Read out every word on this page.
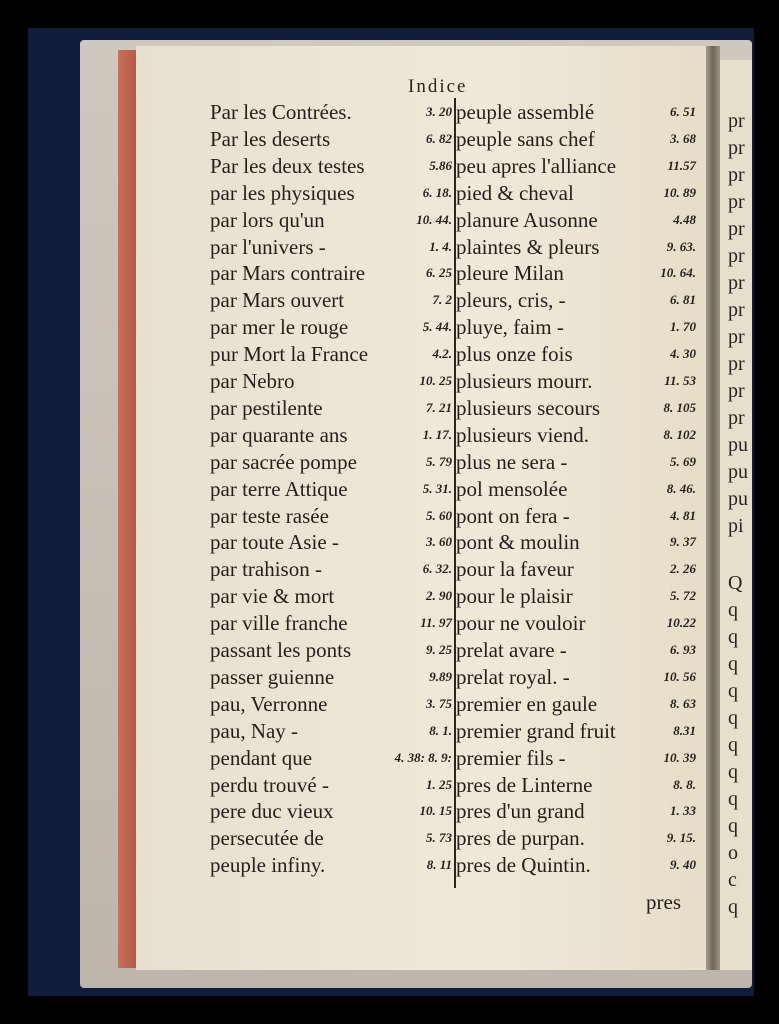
pr
pr
pr
pr
pr
pr
pr
pr
pr
pr
pr
pr
pu
pu
pu
pi
Q
q
q
q
q
q
q
q
q
q
o
c
q
Indice
Par les Contrées.	3. 20
Par les deserts	6. 82
Par les deux testes	5.86
par les physiques	6. 18.
par lors qu'un	10. 44.
par l'univers -	1. 4.
par Mars contraire	6. 25
par Mars ouvert	7. 2
par mer le rouge	5. 44.
pur Mort la France	4.2.
par Nebro	10. 25
par pestilente	7. 21
par quarante ans	1. 17.
par sacrée pompe	5. 79
par terre Attique	5. 31.
par teste rasée	5. 60
par toute Asie -	3. 60
par trahison -	6. 32.
par vie & mort	2. 90
par ville franche	11. 97
passant les ponts	9. 25
passer guienne	9.89
pau, Verronne	3. 75
pau, Nay -	8. 1.
pendant que	4. 38: 8. 9:
perdu trouvé -	1. 25
pere duc vieux	10. 15
persecutée de	5. 73
peuple infiny.	8. 11
peuple assemblé	6. 51
peuple sans chef	3. 68
peu apres l'alliance	11.57
pied & cheval	10. 89
planure Ausonne	4.48
plaintes & pleurs	9. 63.
pleure Milan	10. 64.
pleurs, cris, -	6. 81
pluye, faim -	1. 70
plus onze fois	4. 30
plusieurs mourr.	11. 53
plusieurs secours	8. 105
plusieurs viend.	8. 102
plus ne sera -	5. 69
pol mensolée	8. 46.
pont on fera -	4. 81
pont & moulin	9. 37
pour la faveur	2. 26
pour le plaisir	5. 72
pour ne vouloir	10.22
prelat avare -	6. 93
prelat royal. -	10. 56
premier en gaule	8. 63
premier grand fruit	8.31
premier fils -	10. 39
pres de Linterne	8. 8.
pres d'un grand	1. 33
pres de purpan.	9. 15.
pres de Quintin.	9. 40
pres
